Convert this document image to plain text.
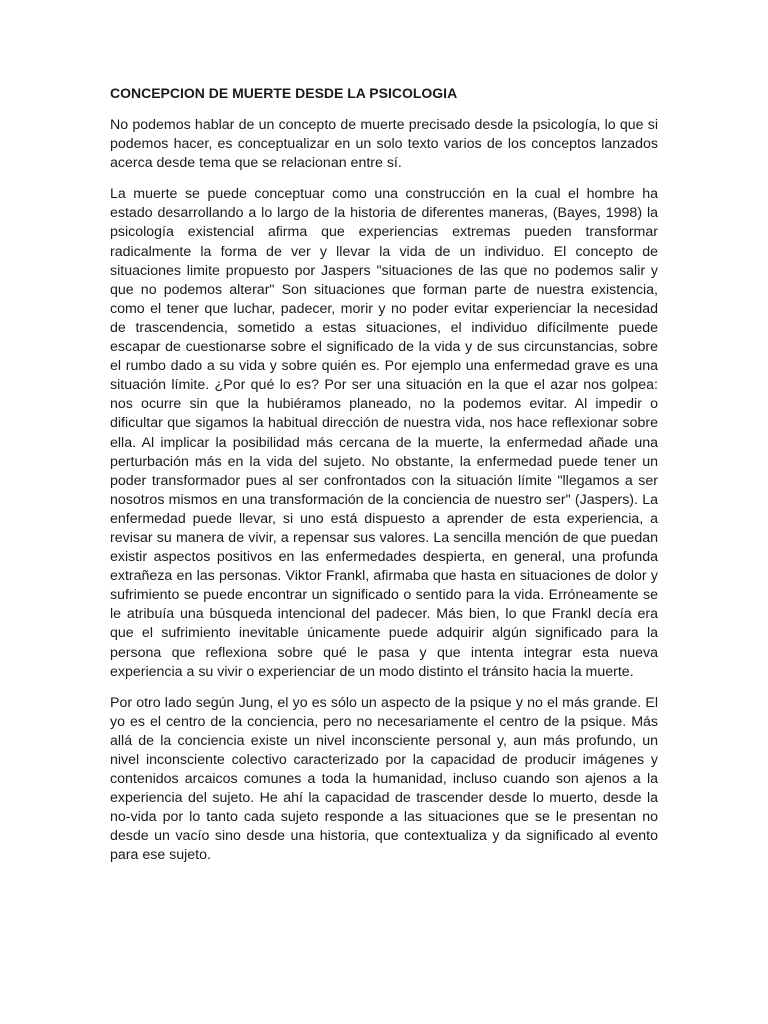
CONCEPCION DE MUERTE DESDE LA PSICOLOGIA

No podemos hablar de un concepto de muerte precisado desde la psicología, lo que si podemos hacer, es conceptualizar en un solo texto varios de los conceptos lanzados acerca desde tema que se relacionan entre sí.

La muerte se puede conceptuar como una construcción en la cual el hombre ha estado desarrollando a lo largo de la historia de diferentes maneras, (Bayes, 1998) la psicología existencial afirma que experiencias extremas pueden transformar radicalmente la forma de ver y llevar la vida de un individuo. El concepto de situaciones limite propuesto por Jaspers "situaciones de las que no podemos salir y que no podemos alterar" Son situaciones que forman parte de nuestra existencia, como el tener que luchar, padecer, morir y no poder evitar experienciar la necesidad de trascendencia, sometido a estas situaciones, el individuo difícilmente puede escapar de cuestionarse sobre el significado de la vida y de sus circunstancias, sobre el rumbo dado a su vida y sobre quién es. Por ejemplo una enfermedad grave es una situación límite. ¿Por qué lo es? Por ser una situación en la que el azar nos golpea: nos ocurre sin que la hubiéramos planeado, no la podemos evitar. Al impedir o dificultar que sigamos la habitual dirección de nuestra vida, nos hace reflexionar sobre ella. Al implicar la posibilidad más cercana de la muerte, la enfermedad añade una perturbación más en la vida del sujeto. No obstante, la enfermedad puede tener un poder transformador pues al ser confrontados con la situación límite "llegamos a ser nosotros mismos en una transformación de la conciencia de nuestro ser" (Jaspers). La enfermedad puede llevar, si uno está dispuesto a aprender de esta experiencia, a revisar su manera de vivir, a repensar sus valores. La sencilla mención de que puedan existir aspectos positivos en las enfermedades despierta, en general, una profunda extrañeza en las personas. Viktor Frankl, afirmaba que hasta en situaciones de dolor y sufrimiento se puede encontrar un significado o sentido para la vida. Erróneamente se le atribuía una búsqueda intencional del padecer. Más bien, lo que Frankl decía era que el sufrimiento inevitable únicamente puede adquirir algún significado para la persona que reflexiona sobre qué le pasa y que intenta integrar esta nueva experiencia a su vivir o experienciar de un modo distinto el tránsito hacia la muerte.

Por otro lado según Jung, el yo es sólo un aspecto de la psique y no el más grande. El yo es el centro de la conciencia, pero no necesariamente el centro de la psique. Más allá de la conciencia existe un nivel inconsciente personal y, aun más profundo, un nivel inconsciente colectivo caracterizado por la capacidad de producir imágenes y contenidos arcaicos comunes a toda la humanidad, incluso cuando son ajenos a la experiencia del sujeto. He ahí la capacidad de trascender desde lo muerto, desde la no-vida por lo tanto cada sujeto responde a las situaciones que se le presentan no desde un vacío sino desde una historia, que contextualiza y da significado al evento para ese sujeto.
